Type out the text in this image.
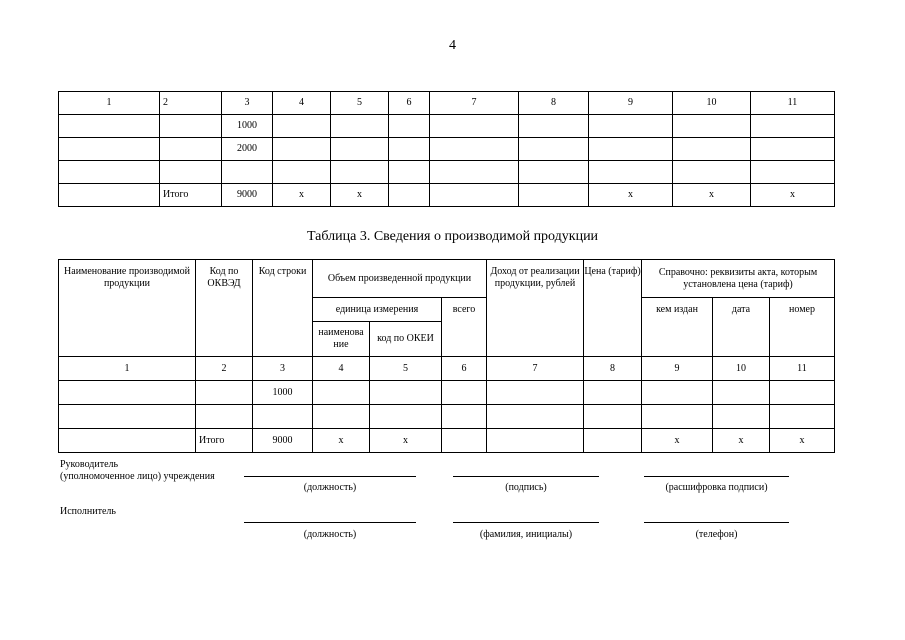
4
1	2	3	4	5	6	7	8	9	10	11
		1000								
		2000								

	Итого	9000	x	x				x	x	x
Таблица 3. Сведения о производимой продукции
Наименование производимой продукции	Код по ОКВЭД	Код строки	Объем произведенной продукции			Доход от реализации продукции, рублей	Цена (тариф)	Справочно: реквизиты акта, которым установлена цена (тариф)		
			единица измерения		всего			кем издан	дата	номер
			наименова ние	код по ОКЕИ						
1	2	3	4	5	6	7	8	9	10	11
		1000								

	Итого	9000	x	x				x	x	x
Руководитель
(уполномоченное лицо) учреждения
(должность)	(подпись)	(расшифровка подписи)
Исполнитель
(должность)	(фамилия, инициалы)	(телефон)
